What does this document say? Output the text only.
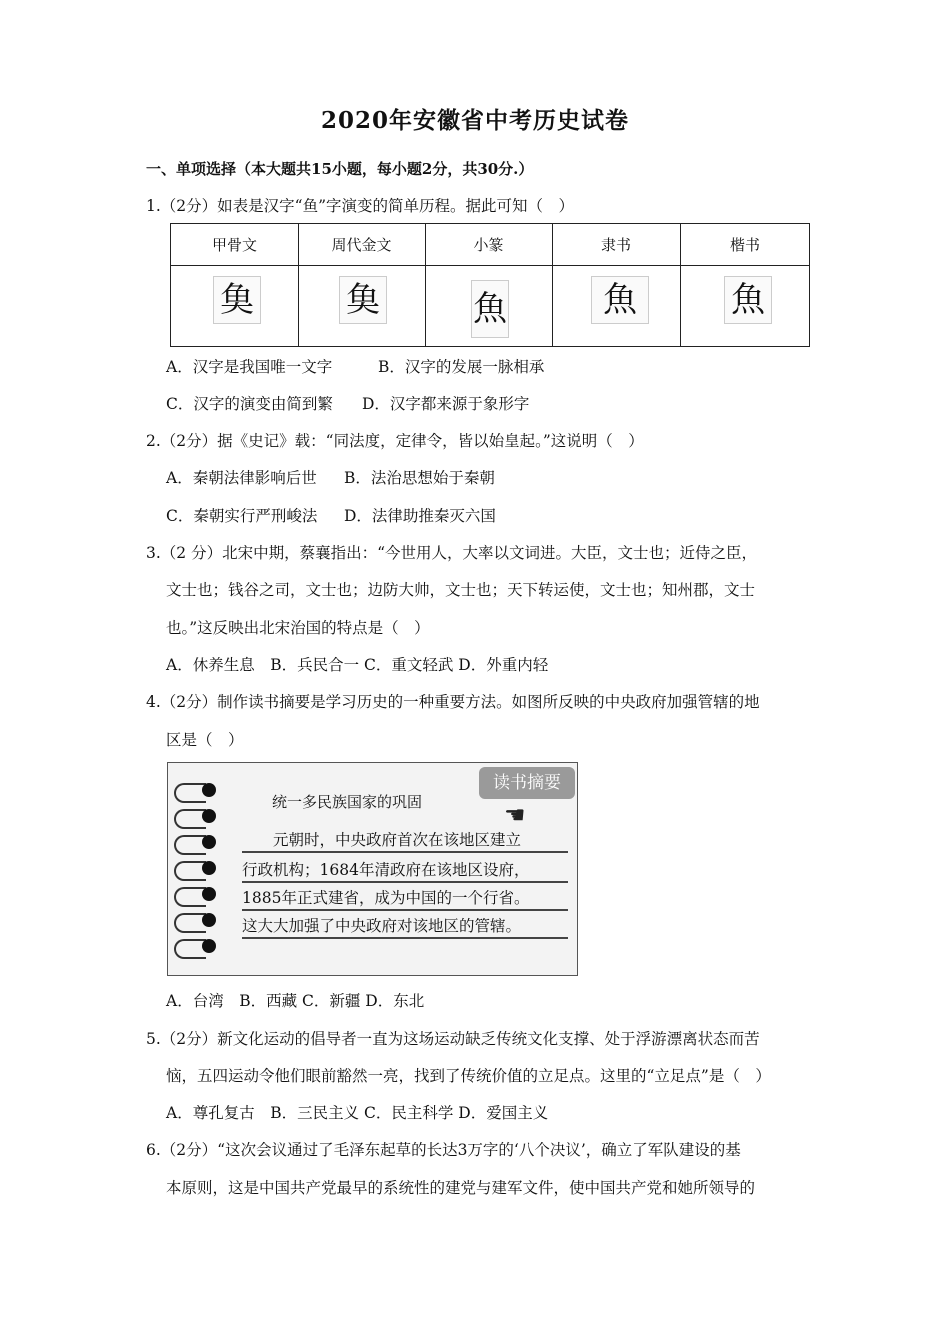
2020年安徽省中考历史试卷
一、单项选择（本大题共15小题，每小题2分，共30分.）
1.（2分）如表是汉字“鱼”字演变的简单历程。据此可知（　）
甲骨文	周代金文	小篆	隶书	楷书
𩵋	𩵋	魚	魚	魚
A．汉字是我国唯一文字	B．汉字的发展一脉相承
C．汉字的演变由简到繁 D．汉字都来源于象形字
2.（2分）据《史记》载：“同法度，定律令，皆以始皇起。”这说明（　）
A．秦朝法律影响后世 B．法治思想始于秦朝
C．秦朝实行严刑峻法 D．法律助推秦灭六国
3.（2 分）北宋中期，蔡襄指出：“今世用人，大率以文词进。大臣，文士也；近侍之臣，
文士也；钱谷之司，文士也；边防大帅，文士也；天下转运使，文士也；知州郡，文士
也。”这反映出北宋治国的特点是（　）
A．休养生息　B．兵民合一 C．重文轻武 D．外重内轻
4.（2分）制作读书摘要是学习历史的一种重要方法。如图所反映的中央政府加强管辖的地
区是（　）
读书摘要
☚
统一多民族国家的巩固
　　元朝时，中央政府首次在该地区建立
行政机构；1684年清政府在该地区设府，
1885年正式建省，成为中国的一个行省。
这大大加强了中央政府对该地区的管辖。
A．台湾　B．西藏 C．新疆 D．东北
5.（2分）新文化运动的倡导者一直为这场运动缺乏传统文化支撑、处于浮游漂离状态而苦
恼，五四运动令他们眼前豁然一亮，找到了传统价值的立足点。这里的“立足点”是（　）
A．尊孔复古　B．三民主义 C．民主科学 D．爱国主义
6.（2分）“这次会议通过了毛泽东起草的长达3万字的‘八个决议’，确立了军队建设的基
本原则，这是中国共产党最早的系统性的建党与建军文件，使中国共产党和她所领导的
